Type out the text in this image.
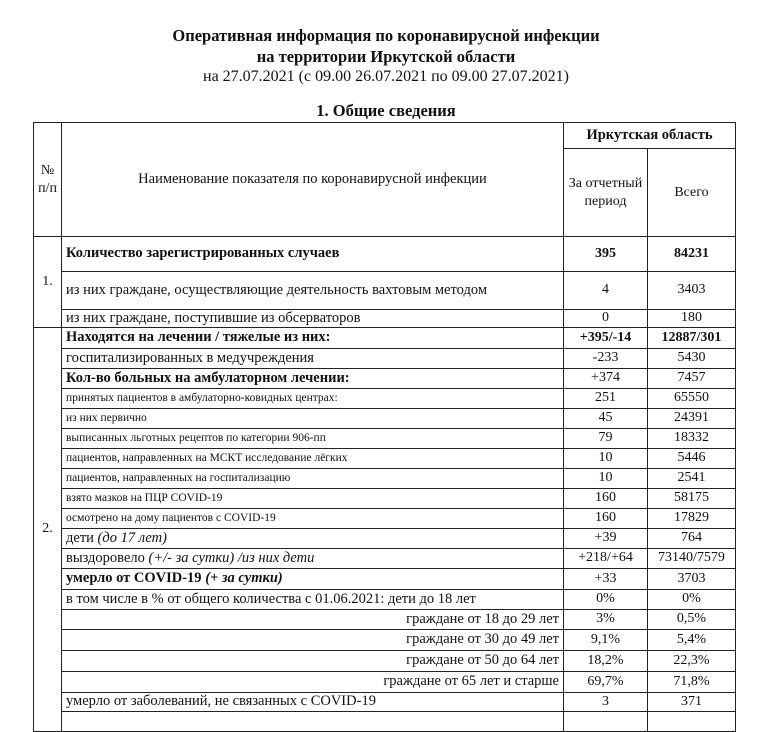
Оперативная информация по коронавирусной инфекции
на территории Иркутской области
на 27.07.2021 (с 09.00 26.07.2021 по 09.00 27.07.2021)
1. Общие сведения
№ п/п	Наименование показателя по коронавирусной инфекции	Иркутская область	
		За отчетный период	Всего
1.	Количество зарегистрированных случаев	395	84231
	из них граждане, осуществляющие деятельность вахтовым методом	4	3403
	из них граждане, поступившие из обсерваторов	0	180
2.	Находятся на лечении / тяжелые из них:	+395/-14	12887/301
	госпитализированных в медучреждения	-233	5430
	Кол-во больных на амбулаторном лечении:	+374	7457
	принятых пациентов в амбулаторно-ковидных центрах:	251	65550
	из них первично	45	24391
	выписанных льготных рецептов по категории 906-пп	79	18332
	пациентов, направленных на МСКТ исследование лёгких	10	5446
	пациентов, направленных на госпитализацию	10	2541
	взято мазков на ПЦР COVID-19	160	58175
	осмотрено на дому пациентов с COVID-19	160	17829
	дети (до 17 лет)	+39	764
	выздоровело (+/- за сутки) /из них дети	+218/+64	73140/7579
	умерло от COVID-19 (+ за сутки)	+33	3703
	в том числе в % от общего количества с 01.06.2021: дети до 18 лет	0%	0%
	граждане от 18 до 29 лет	3%	0,5%
	граждане от 30 до 49 лет	9,1%	5,4%
	граждане от 50 до 64 лет	18,2%	22,3%
	граждане от 65 лет и старше	69,7%	71,8%
	умерло от заболеваний, не связанных с COVID-19	3	371
